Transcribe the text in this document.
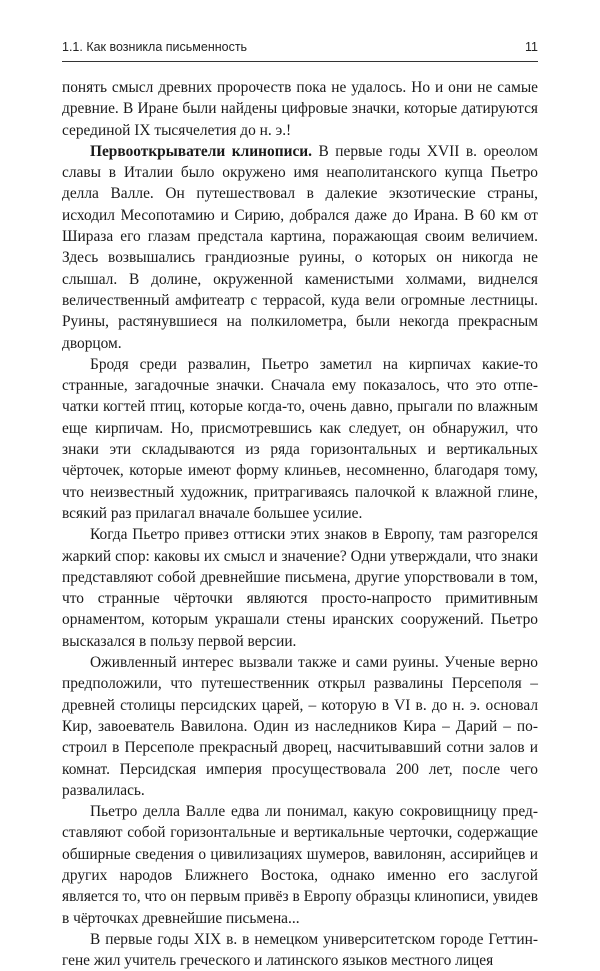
1.1. Как возникла письменность	11

понять смысл древних пророчеств пока не удалось. Но и они не самые древние. В Иране были найдены цифровые значки, которые датируются серединой IX тысячелетия до н. э.!

Первооткрыватели клинописи. В первые годы XVII в. ореолом славы в Италии было окружено имя неаполитанского купца Пьетро делла Валле. Он путешествовал в далекие экзотические страны, исходил Месопотамию и Сирию, добрался даже до Ирана. В 60 км от Шираза его глазам предстала картина, поражающая своим величием. Здесь возвышались грандиозные руины, о которых он никогда не слышал. В долине, окруженной каменистыми холмами, виднелся величественный амфитеатр с террасой, куда вели огромные лестницы. Руины, растянувшиеся на полкилометра, были некогда прекрасным дворцом.

Бродя среди развалин, Пьетро заметил на кирпичах какие-то странные, загадочные значки. Сначала ему показалось, что это отпечатки когтей птиц, которые когда-то, очень давно, прыгали по влажным еще кирпичам. Но, присмотревшись как следует, он обнаружил, что знаки эти складываются из ряда горизонтальных и вертикальных чёрточек, которые имеют форму клиньев, несомненно, благодаря тому, что неизвестный художник, притрагиваясь палочкой к влажной глине, всякий раз прилагал вначале большее усилие.

Когда Пьетро привез оттиски этих знаков в Европу, там разгорелся жаркий спор: каковы их смысл и значение? Одни утверждали, что знаки представляют собой древнейшие письмена, другие упорствовали в том, что странные чёрточки являются просто-напросто примитивным орнаментом, которым украшали стены иранских сооружений. Пьетро высказался в пользу первой версии.

Оживленный интерес вызвали также и сами руины. Ученые верно предположили, что путешественник открыл развалины Персеполя – древней столицы персидских царей, – которую в VI в. до н. э. основал Кир, завоеватель Вавилона. Один из наследников Кира – Дарий – построил в Персеполе прекрасный дворец, насчитывавший сотни залов и комнат. Персидская империя просуществовала 200 лет, после чего развалилась.

Пьетро делла Валле едва ли понимал, какую сокровищницу представляют собой горизонтальные и вертикальные черточки, содержащие обширные сведения о цивилизациях шумеров, вавилонян, ассирийцев и других народов Ближнего Востока, однако именно его заслугой является то, что он первым привёз в Европу образцы клинописи, увидев в чёрточках древнейшие письмена...

В первые годы XIX в. в немецком университетском городе Геттингене жил учитель греческого и латинского языков местного лицея
